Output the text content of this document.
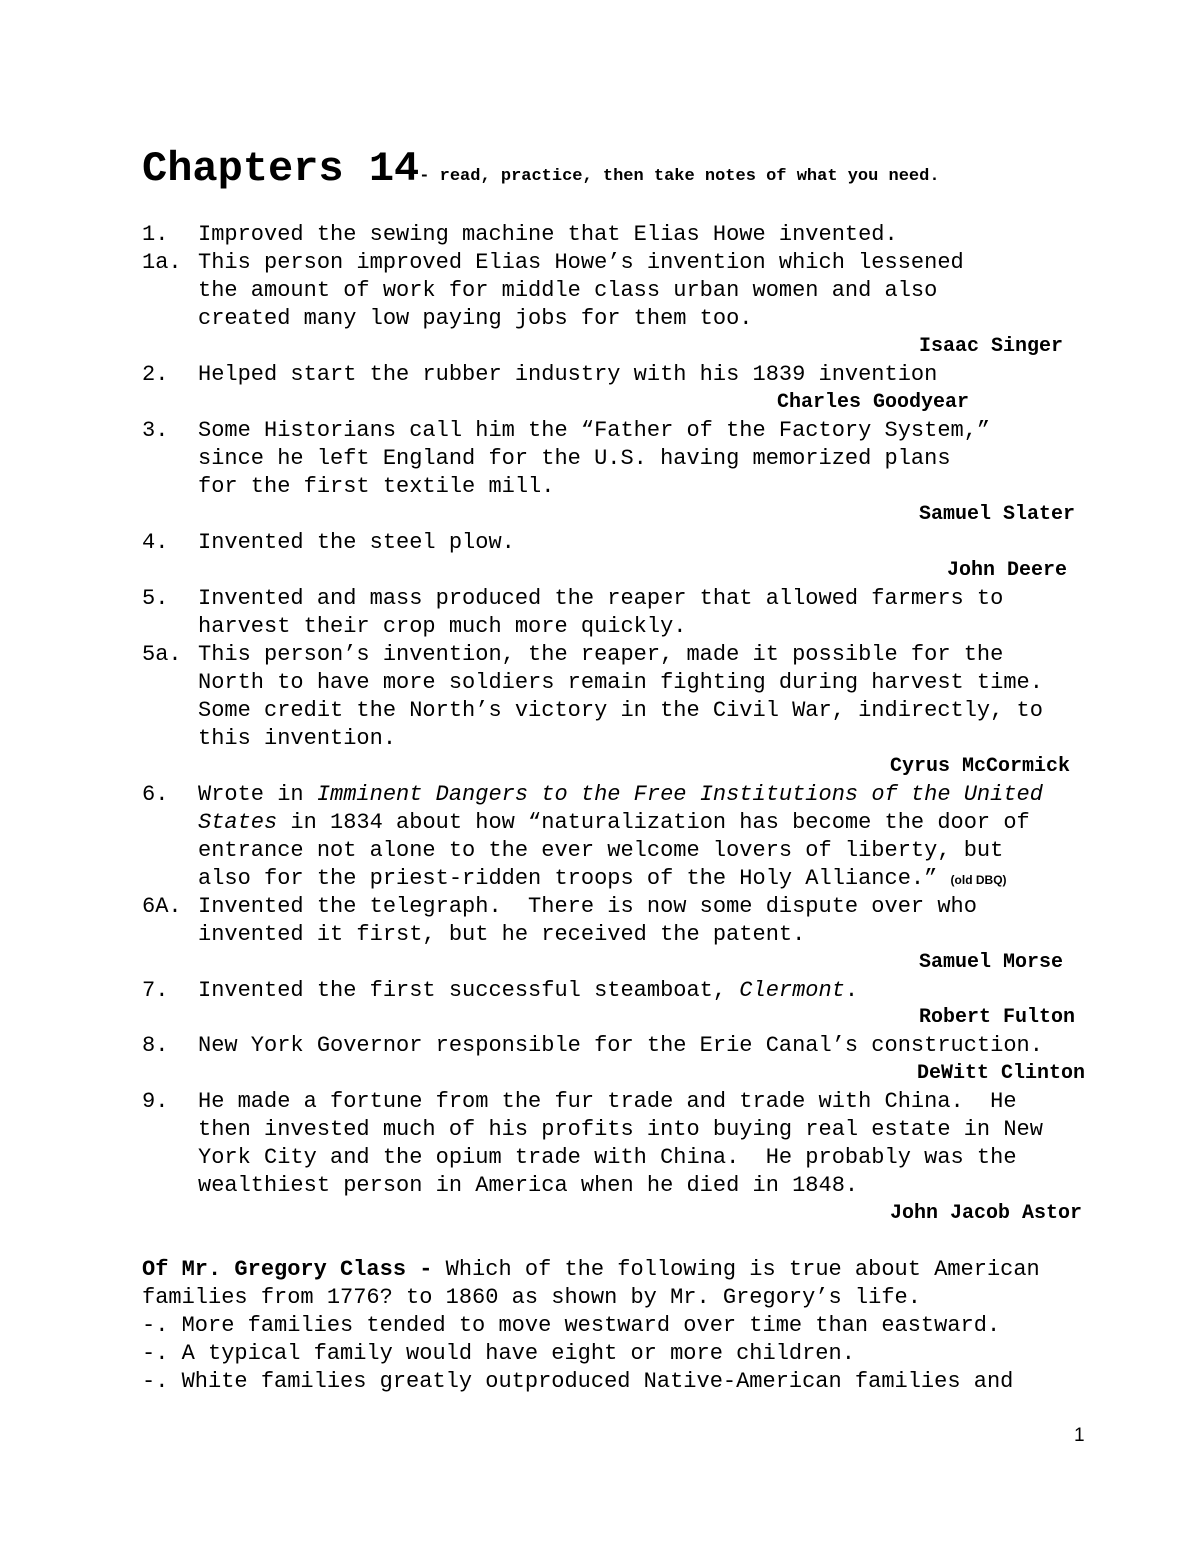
Chapters 14- read, practice, then take notes of what you need.
1. Improved the sewing machine that Elias Howe invented.
1a. This person improved Elias Howe’s invention which lessened
the amount of work for middle class urban women and also
created many low paying jobs for them too.
Isaac Singer
2. Helped start the rubber industry with his 1839 invention
Charles Goodyear
3. Some Historians call him the “Father of the Factory System,”
since he left England for the U.S. having memorized plans
for the first textile mill.
Samuel Slater
4. Invented the steel plow.
John Deere
5. Invented and mass produced the reaper that allowed farmers to
harvest their crop much more quickly.
5a. This person’s invention, the reaper, made it possible for the
North to have more soldiers remain fighting during harvest time.
Some credit the North’s victory in the Civil War, indirectly, to
this invention.
Cyrus McCormick
6. Wrote in Imminent Dangers to the Free Institutions of the United
States in 1834 about how “naturalization has become the door of
entrance not alone to the ever welcome lovers of liberty, but
also for the priest-ridden troops of the Holy Alliance.” (old DBQ)
6A. Invented the telegraph.  There is now some dispute over who
invented it first, but he received the patent.
Samuel Morse
7. Invented the first successful steamboat, Clermont.
Robert Fulton
8. New York Governor responsible for the Erie Canal’s construction.
DeWitt Clinton
9. He made a fortune from the fur trade and trade with China.  He
then invested much of his profits into buying real estate in New
York City and the opium trade with China.  He probably was the
wealthiest person in America when he died in 1848.
John Jacob Astor
Of Mr. Gregory Class - Which of the following is true about American
families from 1776? to 1860 as shown by Mr. Gregory’s life.
-. More families tended to move westward over time than eastward.
-. A typical family would have eight or more children.
-. White families greatly outproduced Native-American families and
1
